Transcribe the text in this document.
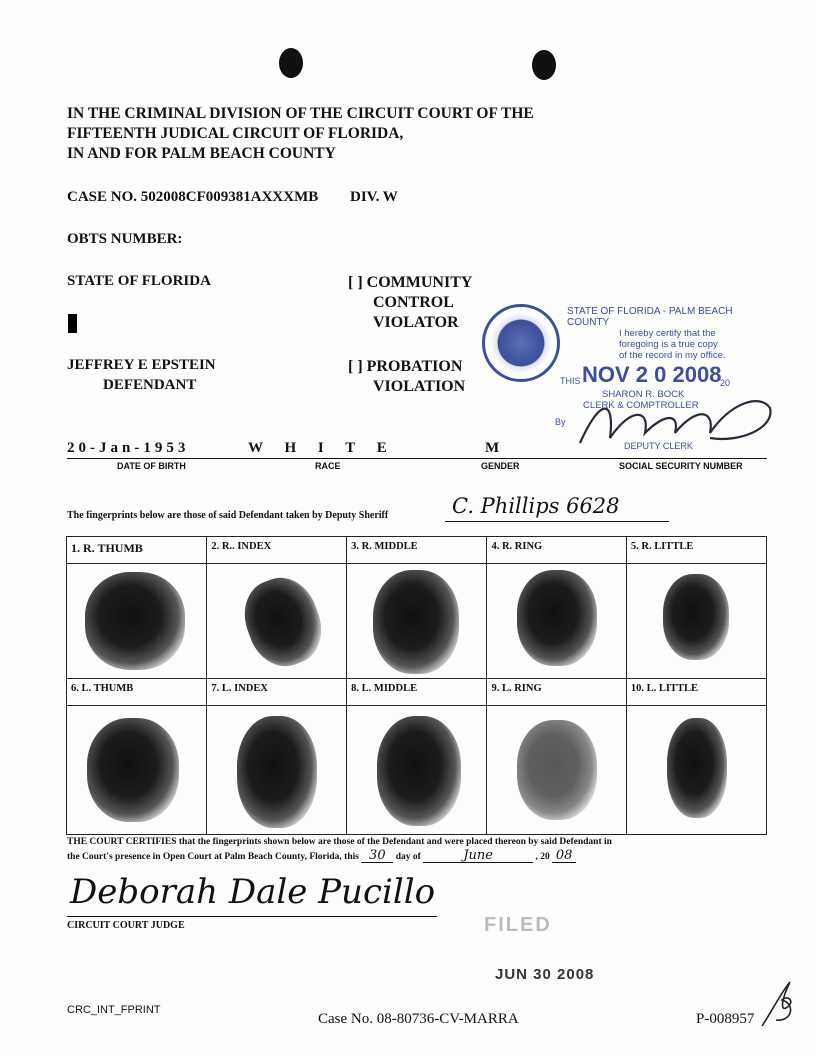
IN THE CRIMINAL DIVISION OF THE CIRCUIT COURT OF THE
FIFTEENTH JUDICAL CIRCUIT OF FLORIDA,
IN AND FOR PALM BEACH COUNTY
CASE NO. 502008CF009381AXXXMB DIV. W
OBTS NUMBER:
STATE OF FLORIDA
JEFFREY E EPSTEIN
DEFENDANT
[ ] COMMUNITY
CONTROL
VIOLATOR
[ ] PROBATION
VIOLATION
STATE OF FLORIDA - PALM BEACH COUNTY
I hereby certify that the
foregoing is a true copy
of the record in my office.
THIS NOV 2 0 2008
20
SHARON R. BOCK
CLERK & COMPTROLLER
By
DEPUTY CLERK
20-Jan-1953	W H I T E	M
DATE OF BIRTH	RACE	GENDER	SOCIAL SECURITY NUMBER
The fingerprints below are those of said Defendant taken by Deputy Sheriff	C. Phillips 6628
1. R. THUMB	2. R.. INDEX	3. R. MIDDLE	4. R. RING	5. R. LITTLE

6. L. THUMB	7. L. INDEX	8. L. MIDDLE	9. L. RING	10. L. LITTLE

THE COURT CERTIFIES that the fingerprints shown below are those of the Defendant and were placed thereon by said Defendant in
the Court's presence in Open Court at Palm Beach County, Florida, this 30 day of	June	, 20 08
Deborah Dale Pucillo
CIRCUIT COURT JUDGE	FILED
JUN 30 2008
CRC_INT_FPRINT
Case No. 08-80736-CV-MARRA	P-008957
